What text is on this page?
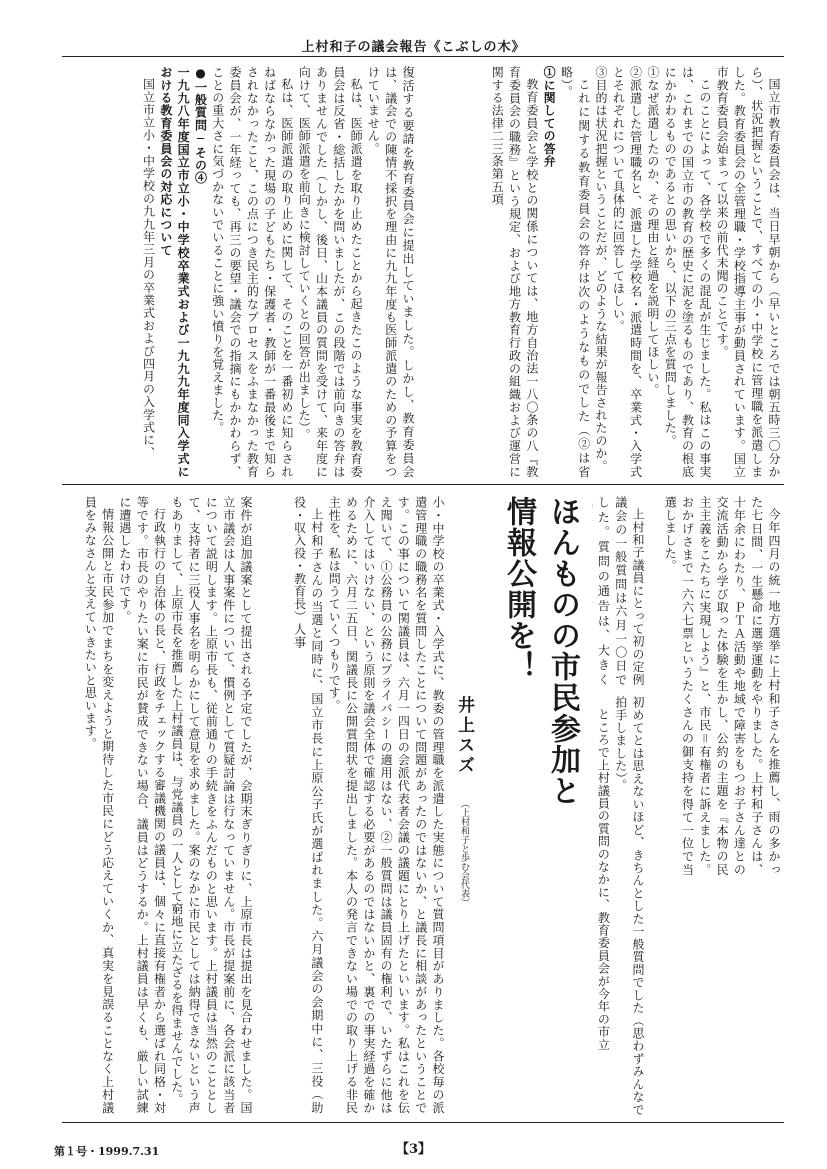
上村和子の議会報告《こぶしの木》

国立市教育委員会は、当日早朝から（早いところでは朝五時三〇分から）、状況把握ということで、すべての小・中学校に管理職を派遣しました。教育委員会の全管理職・学校指導主事が動員されています。国立市教育委員会始まって以来の前代未聞のことです。

このことによって、各学校で多くの混乱が生じました。私はこの事実は、これまでの国立市の教育の歴史に泥を塗るものであり、教育の根底にかかわるものであるとの思いから、以下の三点を質問しました。

①なぜ派遣したのか、その理由と経過を説明してほしい。

②派遣した管理職名と、派遣した学校名・派遣時間を、卒業式・入学式とそれぞれについて具体的に回答してほしい。

③目的は状況把握ということだが、どのような結果が報告されたのか。

これに関する教育委員会の答弁は次のようなものでした（②は省略）。

①に関しての答弁

教育委員会と学校との関係については、地方自治法一八〇条の八『教育委員会の職務』という規定、および地方教育行政の組織および運営に関する法律二三条第五項

復活する要請を教育委員会に提出していました。しかし、教育委員会は、議会での陳情不採択を理由に九九年度も医師派遣のための予算をつけていません。

私は、医師派遣を取り止めたことから起きたこのような事実を教育委員会は反省・総括したかを問いましたが、この段階では前向きの答弁はありませんでした（しかし、後日、山本議員の質問を受けて、来年度に向けて、医師派遣を前向きに検討していくとの回答が出ました）。

私は、医師派遣の取り止めに関して、そのことを一番初めに知らされねばならなかった現場の子どもたち・保護者・教師が一番最後まで知らされなかったこと、この点につき民主的なプロセスをふまなかった教育委員会が、一年経っても、再三の要望・議会での指摘にもかかわらず、ことの重大さに気づかないでいることに強い憤りを覚えました。

●一般質問─その④

一九九八年度国立市立小・中学校卒業式および一九九九年度同入学式における教育委員会の対応について

国立市立小・中学校の九九年三月の卒業式および四月の入学式に、

今年四月の統一地方選挙に上村和子さんを推薦し、雨の多かった七日間、一生懸命に選挙運動をやりました。上村和子さんは、十年余にわたり、ＰＴＡ活動や地域で障害をもつお子さん達との交流活動から学び取った体験を生かし、公約の主題を『本物の民主主義をこたちに実現しよう』と、市民＝有権者に訴えました。おかげさまで一六六七票というたくさんの御支持を得て一位で当選しました。

上村和子議員にとって初の定例議会の一般質問は六月一〇日でした。質問の通告は、大きく

初めてとは思えないほど、きちんとした一般質問でした（思わずみんなで拍手しました）。

ところで上村議員の質問のなかに、教育委員会が今年の市立

ほんものの市民参加と
情報公開を！
井上スズ （上村和子と歩む会代表）

小・中学校の卒業式・入学式に、教委の管理職を派遣した実態について質問項目がありました。各校毎の派遣管理職の職務名を質問したことについて問題があったのではないか、と議長に相談があったということです。この事について関議員は、六月一四日の会派代表者会議の議題にとり上げたといいます。私はこれを伝え聞いて、①公務員の公務にプライバシーの適用はない、②一般質問は議員固有の権利で、いたずらに他は介入してはいけない、という原則を議会全体で確認する必要があるのではないかと、裏での事実経過を確かめるために、六月二五日、関議長に公開質問状を提出しました。本人の発言できない場での取り上げる非民主性を、私は問うていくつもりです。

上村和子さんの当選と同時に、国立市長に上原公子氏が選ばれました。六月議会の会期中に、三役（助役・収入役・教育長）人事

案件が追加議案として提出される予定でしたが、会期末ぎりぎりに、上原市長は提出を見合わせました。国立市議会は人事案件について、慣例として質疑討論は行なっていません。市長が提案前に、各会派に該当者について説明します。上原市長も、従前通りの手続きをふんだものと思います。上村議員は当然のこととして、支持者に三役人事名を明らかにして意見を求めました。案のなかに市民としては納得できないという声もありまして、上原市長を推薦した上村議員は、与党議員の一人として窮地に立たざるを得ませんでした。

行政執行の自治体の長と、行政をチェックする審議機関の議員は、個々に直接有権者から選ばれ同格・対等です。市長のやりたい案に市民が賛成できない場合、議員はどうするか。上村議員は早くも、厳しい試練に遭遇したわけです。

情報公開と市民参加でまちを変えようと期待した市民にどう応えていくか、真実を見誤ることなく上村議員をみなさんと支えていきたいと思います。

第１号・1999.7.31	【3】
